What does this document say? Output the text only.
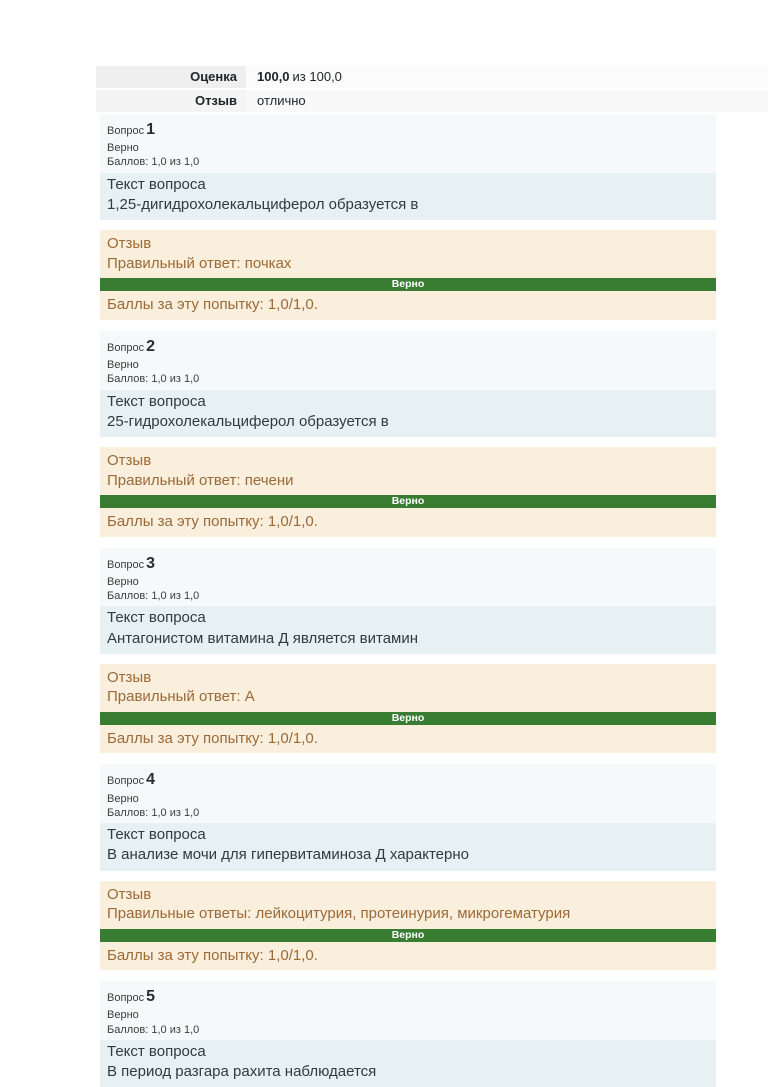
Оценка	100,0 из 100,0
Отзыв	отлично
Вопрос 1
Верно
Баллов: 1,0 из 1,0
Текст вопроса
1,25-дигидрохолекальциферол образуется в
Отзыв
Правильный ответ: почках
Верно
Баллы за эту попытку: 1,0/1,0.
Вопрос 2
Верно
Баллов: 1,0 из 1,0
Текст вопроса
25-гидрохолекальциферол образуется в
Отзыв
Правильный ответ: печени
Верно
Баллы за эту попытку: 1,0/1,0.
Вопрос 3
Верно
Баллов: 1,0 из 1,0
Текст вопроса
Антагонистом витамина Д является витамин
Отзыв
Правильный ответ: А
Верно
Баллы за эту попытку: 1,0/1,0.
Вопрос 4
Верно
Баллов: 1,0 из 1,0
Текст вопроса
В анализе мочи для гипервитаминоза Д характерно
Отзыв
Правильные ответы: лейкоцитурия, протеинурия, микрогематурия
Верно
Баллы за эту попытку: 1,0/1,0.
Вопрос 5
Верно
Баллов: 1,0 из 1,0
Текст вопроса
В период разгара рахита наблюдается
